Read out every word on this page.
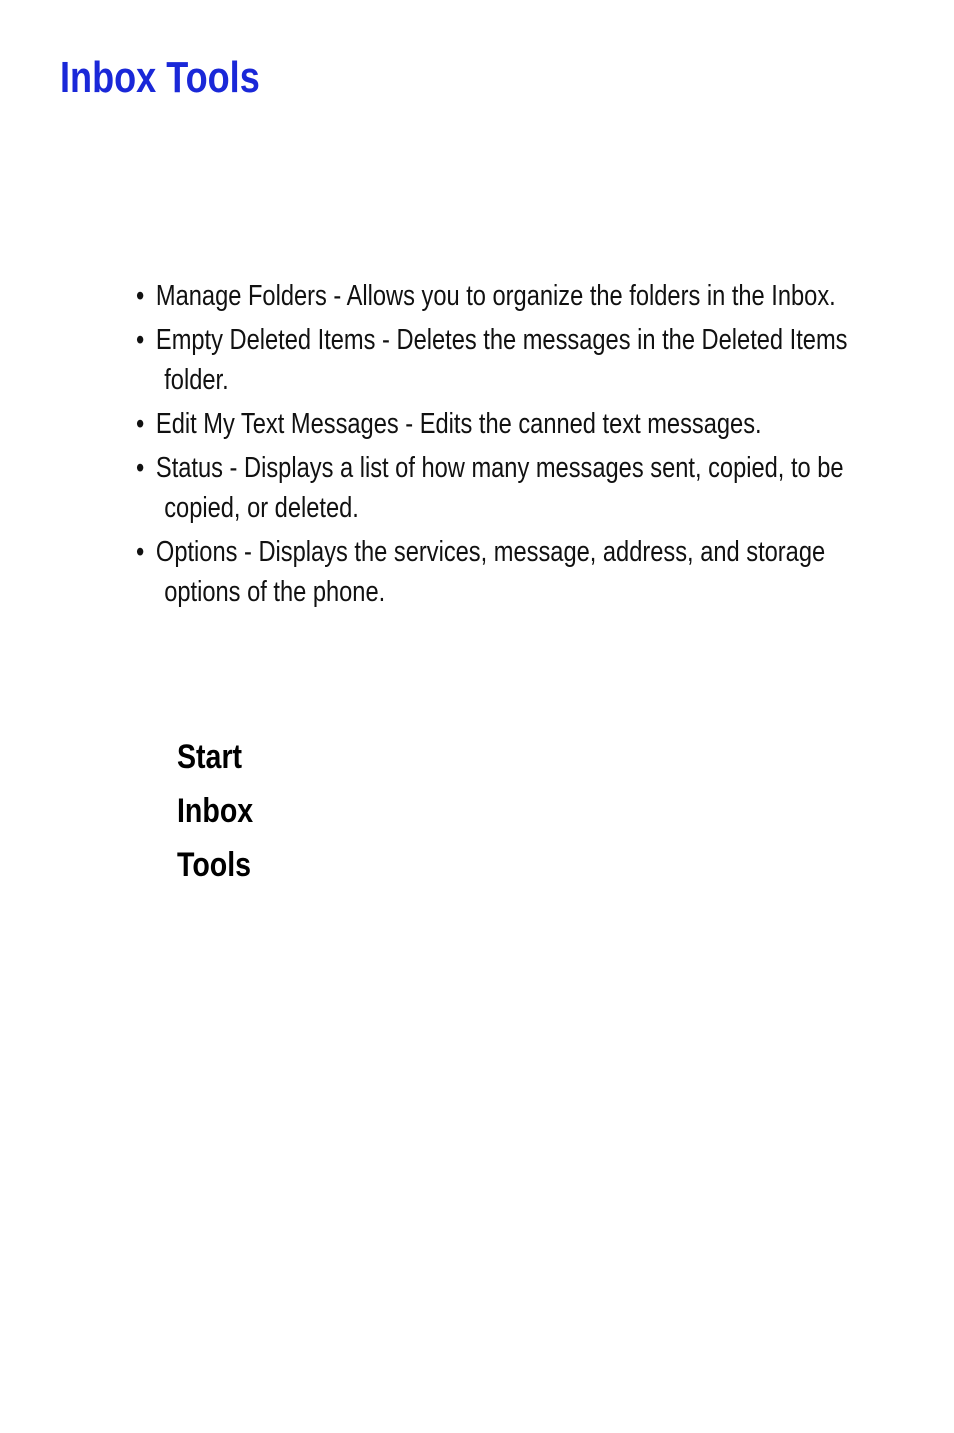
Inbox Tools
• Manage Folders - Allows you to organize the folders in the Inbox.
• Empty Deleted Items - Deletes the messages in the Deleted Items folder.
• Edit My Text Messages - Edits the canned text messages.
• Status - Displays a list of how many messages sent, copied, to be copied, or deleted.
• Options - Displays the services, message, address, and storage options of the phone.
Start
Inbox
Tools
